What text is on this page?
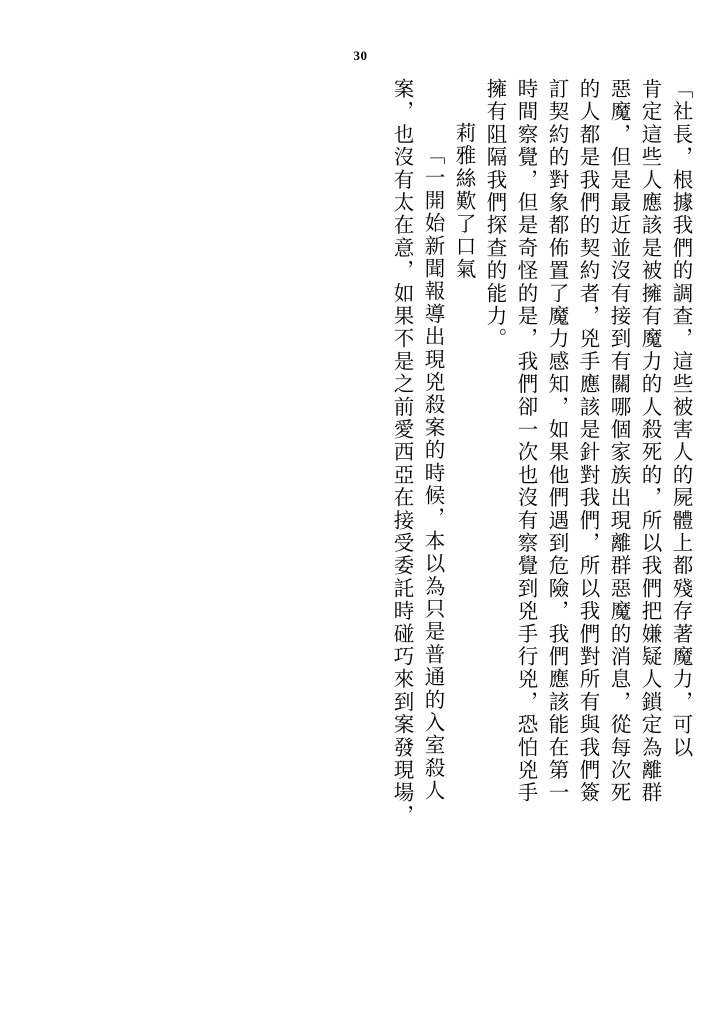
30
「社長，根據我們的調查，這些被害人的屍體上都殘存著魔力，可以
肯定這些人應該是被擁有魔力的人殺死的，所以我們把嫌疑人鎖定為離群
惡魔，但是最近並沒有接到有關哪個家族出現離群惡魔的消息，從每次死
的人都是我們的契約者，兇手應該是針對我們，所以我們對所有與我們簽
訂契約的對象都佈置了魔力感知，如果他們遇到危險，我們應該能在第一
時間察覺，但是奇怪的是，我們卻一次也沒有察覺到兇手行兇，恐怕兇手
擁有阻隔我們探查的能力。
莉雅絲歎了口氣
「一開始新聞報導出現兇殺案的時候，本以為只是普通的入室殺人
案，也沒有太在意，如果不是之前愛西亞在接受委託時碰巧來到案發現場，
